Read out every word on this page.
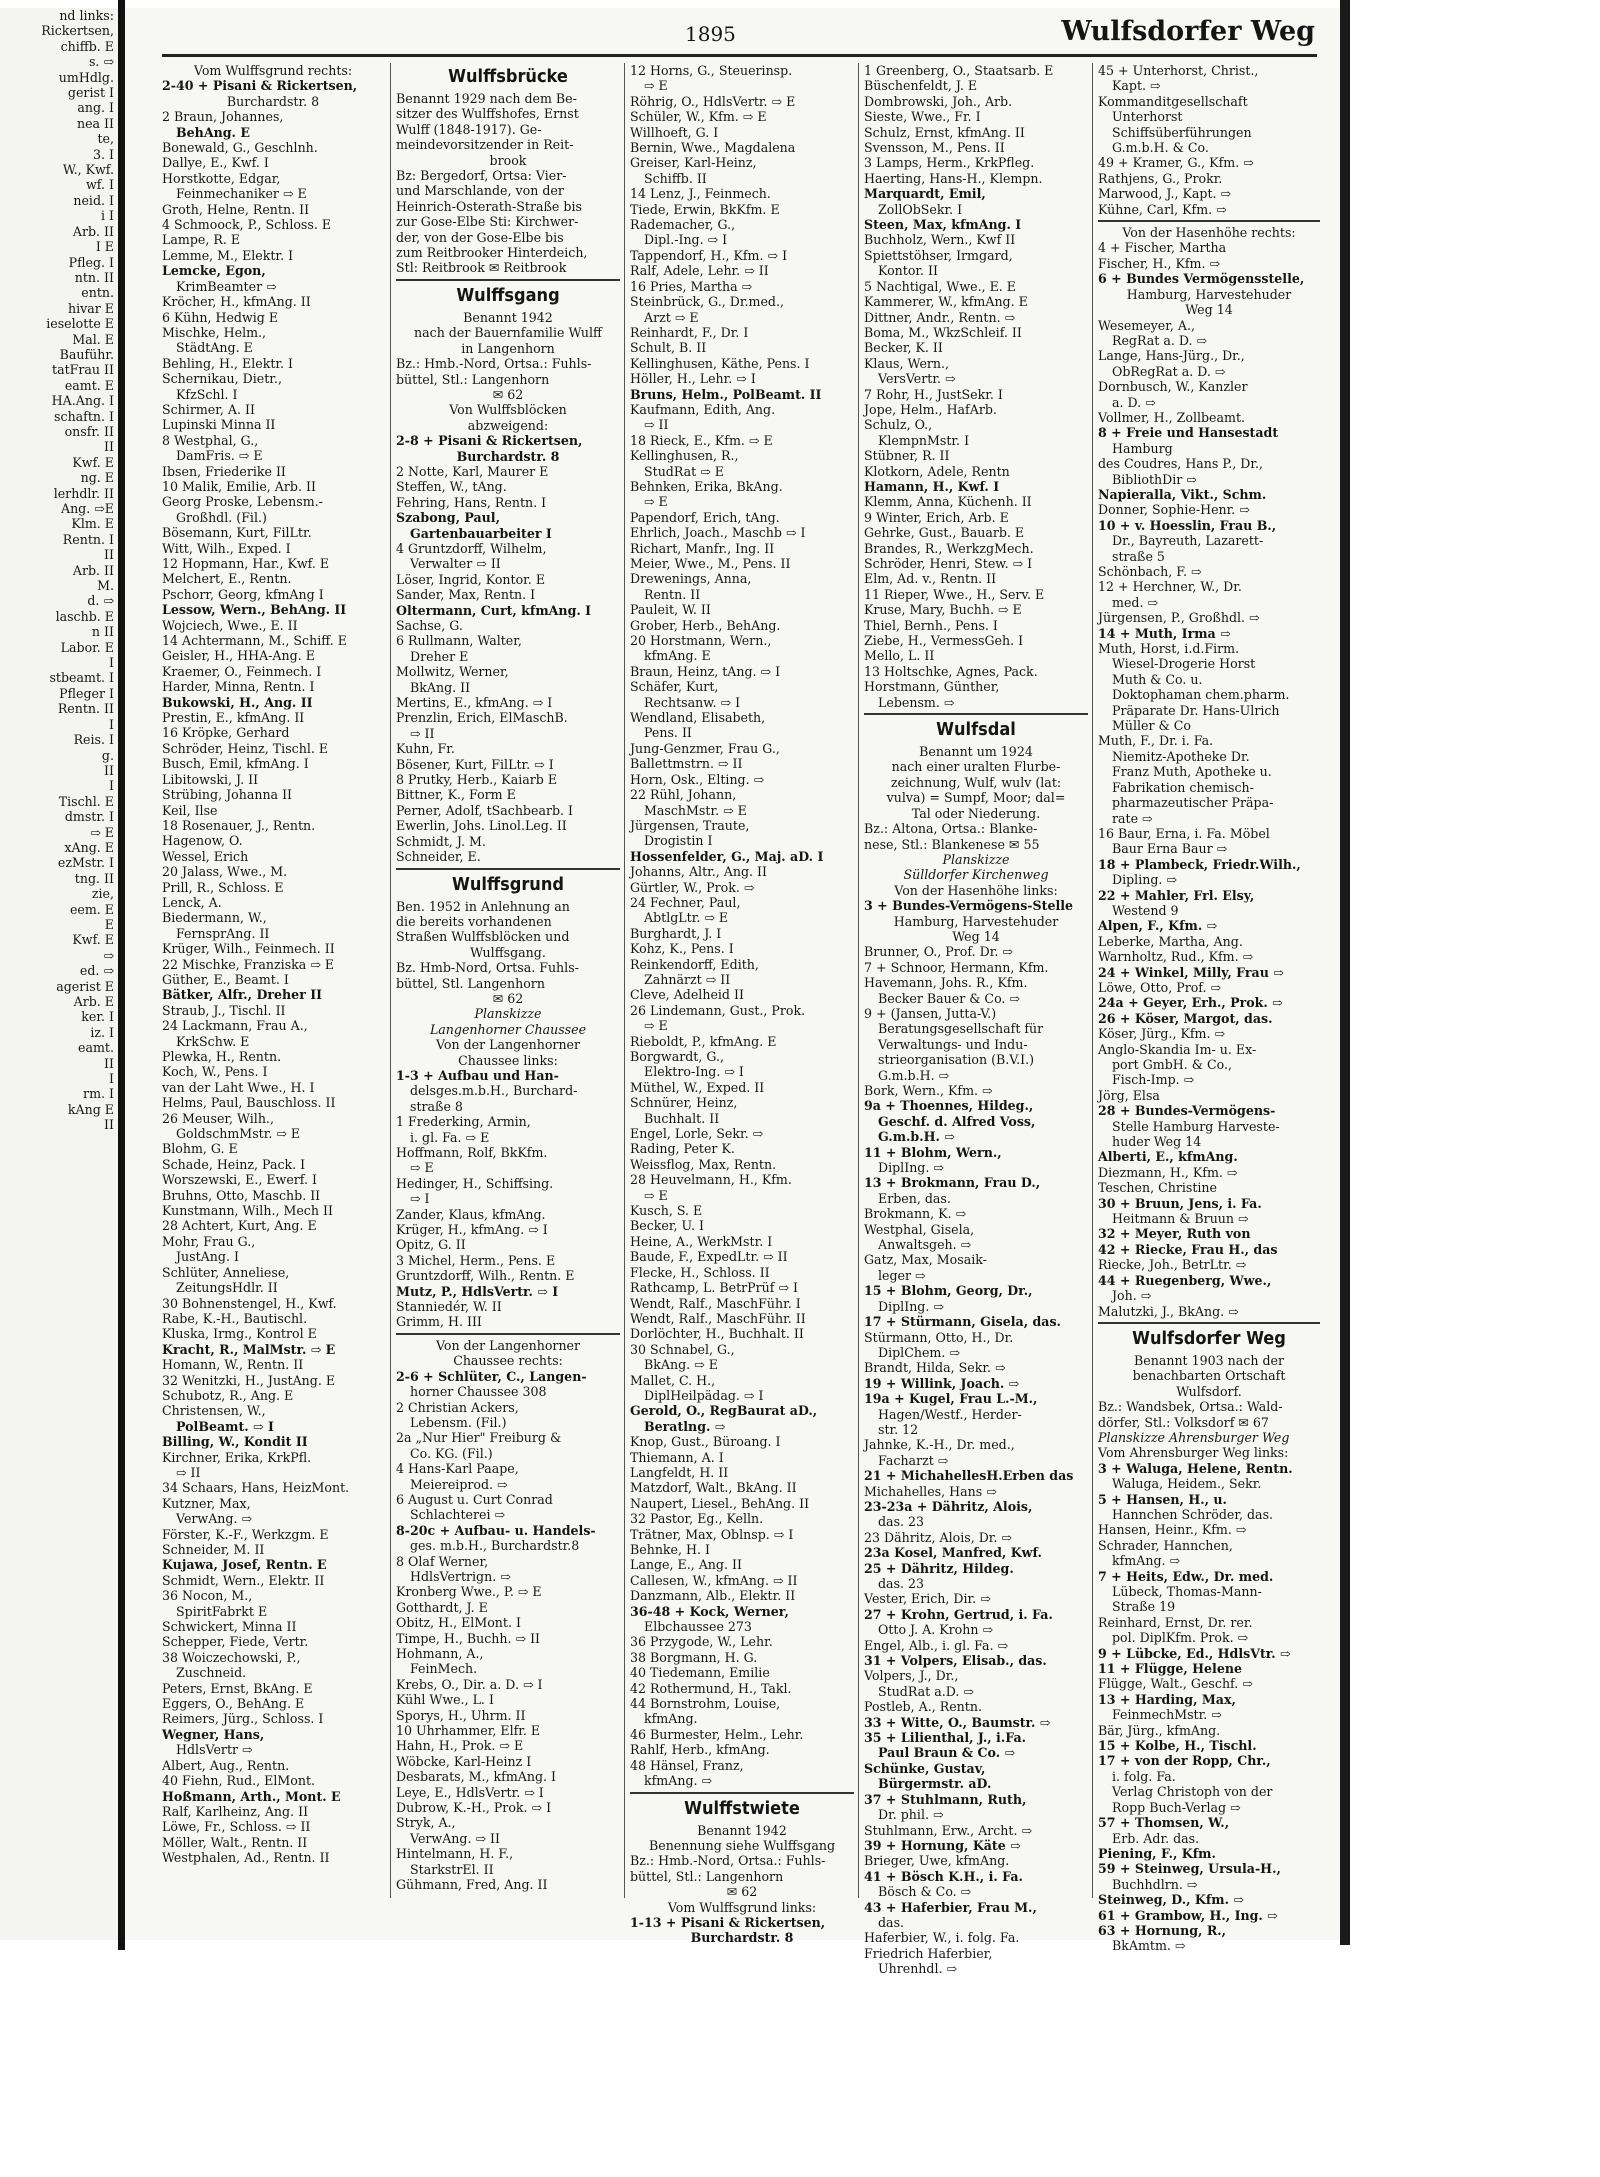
nd links:
Rickertsen,
chiffb. E
s. ⇨
umHdlg.
gerist I
ang. I
nea II
te,
3. I
W., Kwf.
wf. I
neid. I
i I
Arb. II
I E
Pfleg. I
ntn. II
entn.
hivar E
ieselotte E
Mal. E
Bauführ.
tatFrau II
eamt. E
HA.Ang. I
schaftn. I
onsfr. II
II
Kwf. E
ng. E
lerhdlr. II
Ang. ⇨E
Klm. E
Rentn. I
II
Arb. II
M.
d. ⇨
laschb. E
n II
Labor. E
I
stbeamt. I
Pfleger I
Rentn. II
I
Reis. I
g.
II
I
Tischl. E
dmstr. I
⇨ E
xAng. E
ezMstr. I
tng. II
zie,
eem. E
E
Kwf. E
⇨
ed. ⇨
agerist E
Arb. E
ker. I
iz. I
eamt.
II
I
rm. I
kAng E
II
1895	Wulfsdorfer Weg
Vom Wulffsgrund rechts:
2-40 + Pisani & Rickertsen,
Burchardstr. 8
2 Braun, Johannes,
BehAng. E
Bonewald, G., Geschlnh.
Dallye, E., Kwf. I
Horstkotte, Edgar,
Feinmechaniker ⇨ E
Groth, Helne, Rentn. II
4 Schmoock, P., Schloss. E
Lampe, R. E
Lemme, M., Elektr. I
Lemcke, Egon,
KrimBeamter ⇨
Kröcher, H., kfmAng. II
6 Kühn, Hedwig E
Mischke, Helm.,
StädtAng. E
Behling, H., Elektr. I
Schernikau, Dietr.,
KfzSchl. I
Schirmer, A. II
Lupinski Minna II
8 Westphal, G.,
DamFris. ⇨ E
Ibsen, Friederike II
10 Malik, Emilie, Arb. II
Georg Proske, Lebensm.-
Großhdl. (Fil.)
Bösemann, Kurt, FilLtr.
Witt, Wilh., Exped. I
12 Hopmann, Har., Kwf. E
Melchert, E., Rentn.
Pschorr, Georg, kfmAng I
Lessow, Wern., BehAng. II
Wojciech, Wwe., E. II
14 Achtermann, M., Schiff. E
Geisler, H., HHA-Ang. E
Kraemer, O., Feinmech. I
Harder, Minna, Rentn. I
Bukowski, H., Ang. II
Prestin, E., kfmAng. II
16 Kröpke, Gerhard
Schröder, Heinz, Tischl. E
Busch, Emil, kfmAng. I
Libitowski, J. II
Strübing, Johanna II
Keil, Ilse
18 Rosenauer, J., Rentn.
Hagenow, O.
Wessel, Erich
20 Jalass, Wwe., M.
Prill, R., Schloss. E
Lenck, A.
Biedermann, W.,
FernsprAng. II
Krüger, Wilh., Feinmech. II
22 Mischke, Franziska ⇨ E
Güther, E., Beamt. I
Bätker, Alfr., Dreher II
Straub, J., Tischl. II
24 Lackmann, Frau A.,
KrkSchw. E
Plewka, H., Rentn.
Koch, W., Pens. I
van der Laht Wwe., H. I
Helms, Paul, Bauschloss. II
26 Meuser, Wilh.,
GoldschmMstr. ⇨ E
Blohm, G. E
Schade, Heinz, Pack. I
Worszewski, E., Ewerf. I
Bruhns, Otto, Maschb. II
Kunstmann, Wilh., Mech II
28 Achtert, Kurt, Ang. E
Mohr, Frau G.,
JustAng. I
Schlüter, Anneliese,
ZeitungsHdlr. II
30 Bohnenstengel, H., Kwf.
Rabe, K.-H., Bautischl.
Kluska, Irmg., Kontrol E
Kracht, R., MalMstr. ⇨ E
Homann, W., Rentn. II
32 Wenitzki, H., JustAng. E
Schubotz, R., Ang. E
Christensen, W.,
PolBeamt. ⇨ I
Billing, W., Kondit II
Kirchner, Erika, KrkPfl.
⇨ II
34 Schaars, Hans, HeizMont.
Kutzner, Max,
VerwAng. ⇨
Förster, K.-F., Werkzgm. E
Schneider, M. II
Kujawa, Josef, Rentn. E
Schmidt, Wern., Elektr. II
36 Nocon, M.,
SpiritFabrkt E
Schwickert, Minna II
Schepper, Fiede, Vertr.
38 Woiczechowski, P.,
Zuschneid.
Peters, Ernst, BkAng. E
Eggers, O., BehAng. E
Reimers, Jürg., Schloss. I
Wegner, Hans,
HdlsVertr ⇨
Albert, Aug., Rentn.
40 Fiehn, Rud., ElMont.
Hoßmann, Arth., Mont. E
Ralf, Karlheinz, Ang. II
Löwe, Fr., Schloss. ⇨ II
Möller, Walt., Rentn. II
Westphalen, Ad., Rentn. II
Wulffsbrücke
Benannt 1929 nach dem Be-
sitzer des Wulffshofes, Ernst
Wulff (1848-1917). Ge-
meindevorsitzender in Reit-
brook
Bz: Bergedorf, Ortsa: Vier-
und Marschlande, von der
Heinrich-Osterath-Straße bis
zur Gose-Elbe Sti: Kirchwer-
der, von der Gose-Elbe bis
zum Reitbrooker Hinterdeich,
Stl: Reitbrook ✉ Reitbrook
Wulffsgang
Benannt 1942
nach der Bauernfamilie Wulff
in Langenhorn
Bz.: Hmb.-Nord, Ortsa.: Fuhls-
büttel, Stl.: Langenhorn
✉ 62
Von Wulffsblöcken
abzweigend:
2-8 + Pisani & Rickertsen,
Burchardstr. 8
2 Notte, Karl, Maurer E
Steffen, W., tAng.
Fehring, Hans, Rentn. I
Szabong, Paul,
Gartenbauarbeiter I
4 Gruntzdorff, Wilhelm,
Verwalter ⇨ II
Löser, Ingrid, Kontor. E
Sander, Max, Rentn. I
Oltermann, Curt, kfmAng. I
Sachse, G.
6 Rullmann, Walter,
Dreher E
Mollwitz, Werner,
BkAng. II
Mertins, E., kfmAng. ⇨ I
Prenzlin, Erich, ElMaschB.
⇨ II
Kuhn, Fr.
Bösener, Kurt, FilLtr. ⇨ I
8 Prutky, Herb., Kaiarb E
Bittner, K., Form E
Perner, Adolf, tSachbearb. I
Ewerlin, Johs. Linol.Leg. II
Schmidt, J. M.
Schneider, E.
Wulffsgrund
Ben. 1952 in Anlehnung an
die bereits vorhandenen
Straßen Wulffsblöcken und
Wulffsgang.
Bz. Hmb-Nord, Ortsa. Fuhls-
büttel, Stl. Langenhorn
✉ 62
Planskizze
Langenhorner Chaussee
Von der Langenhorner
Chaussee links:
1-3 + Aufbau und Han-
delsges.m.b.H., Burchard-
straße 8
1 Frederking, Armin,
i. gl. Fa. ⇨ E
Hoffmann, Rolf, BkKfm.
⇨ E
Hedinger, H., Schiffsing.
⇨ I
Zander, Klaus, kfmAng.
Krüger, H., kfmAng. ⇨ I
Opitz, G. II
3 Michel, Herm., Pens. E
Gruntzdorff, Wilh., Rentn. E
Mutz, P., HdlsVertr. ⇨ I
Stanniedér, W. II
Grimm, H. III
Von der Langenhorner
Chaussee rechts:
2-6 + Schlüter, C., Langen-
horner Chaussee 308
2 Christian Ackers,
Lebensm. (Fil.)
2a „Nur Hier" Freiburg &
Co. KG. (Fil.)
4 Hans-Karl Paape,
Meiereiprod. ⇨
6 August u. Curt Conrad
Schlachterei ⇨
8-20c + Aufbau- u. Handels-
ges. m.b.H., Burchardstr.8
8 Olaf Werner,
HdlsVertrign. ⇨
Kronberg Wwe., P. ⇨ E
Gotthardt, J. E
Obitz, H., ElMont. I
Timpe, H., Buchh. ⇨ II
Hohmann, A.,
FeinMech.
Krebs, O., Dir. a. D. ⇨ I
Kühl Wwe., L. I
Sporys, H., Uhrm. II
10 Uhrhammer, Elfr. E
Hahn, H., Prok. ⇨ E
Wöbcke, Karl-Heinz I
Desbarats, M., kfmAng. I
Leye, E., HdlsVertr. ⇨ I
Dubrow, K.-H., Prok. ⇨ I
Stryk, A.,
VerwAng. ⇨ II
Hintelmann, H. F.,
StarkstrEl. II
Gühmann, Fred, Ang. II
12 Horns, G., Steuerinsp.
⇨ E
Röhrig, O., HdlsVertr. ⇨ E
Schüler, W., Kfm. ⇨ E
Willhoeft, G. I
Bernin, Wwe., Magdalena
Greiser, Karl-Heinz,
Schiffb. II
14 Lenz, J., Feinmech.
Tiede, Erwin, BkKfm. E
Rademacher, G.,
Dipl.-Ing. ⇨ I
Tappendorf, H., Kfm. ⇨ I
Ralf, Adele, Lehr. ⇨ II
16 Pries, Martha ⇨
Steinbrück, G., Dr.med.,
Arzt ⇨ E
Reinhardt, F., Dr. I
Schult, B. II
Kellinghusen, Käthe, Pens. I
Höller, H., Lehr. ⇨ I
Bruns, Helm., PolBeamt. II
Kaufmann, Edith, Ang.
⇨ II
18 Rieck, E., Kfm. ⇨ E
Kellinghusen, R.,
StudRat ⇨ E
Behnken, Erika, BkAng.
⇨ E
Papendorf, Erich, tAng.
Ehrlich, Joach., Maschb ⇨ I
Richart, Manfr., Ing. II
Meier, Wwe., M., Pens. II
Drewenings, Anna,
Rentn. II
Pauleit, W. II
Grober, Herb., BehAng.
20 Horstmann, Wern.,
kfmAng. E
Braun, Heinz, tAng. ⇨ I
Schäfer, Kurt,
Rechtsanw. ⇨ I
Wendland, Elisabeth,
Pens. II
Jung-Genzmer, Frau G.,
Ballettmstrn. ⇨ II
Horn, Osk., Elting. ⇨
22 Rühl, Johann,
MaschMstr. ⇨ E
Jürgensen, Traute,
Drogistin I
Hossenfelder, G., Maj. aD. I
Johanns, Altr., Ang. II
Gürtler, W., Prok. ⇨
24 Fechner, Paul,
AbtlgLtr. ⇨ E
Burghardt, J. I
Kohz, K., Pens. I
Reinkendorff, Edith,
Zahnärzt ⇨ II
Cleve, Adelheid II
26 Lindemann, Gust., Prok.
⇨ E
Rieboldt, P., kfmAng. E
Borgwardt, G.,
Elektro-Ing. ⇨ I
Müthel, W., Exped. II
Schnürer, Heinz,
Buchhalt. II
Engel, Lorle, Sekr. ⇨
Rading, Peter K.
Weissflog, Max, Rentn.
28 Heuvelmann, H., Kfm.
⇨ E
Kusch, S. E
Becker, U. I
Heine, A., WerkMstr. I
Baude, F., ExpedLtr. ⇨ II
Flecke, H., Schloss. II
Rathcamp, L. BetrPrüf ⇨ I
Wendt, Ralf., MaschFühr. I
Wendt, Ralf., MaschFühr. II
Dorlöchter, H., Buchhalt. II
30 Schnabel, G.,
BkAng. ⇨ E
Mallet, C. H.,
DiplHeilpädag. ⇨ I
Gerold, O., RegBaurat aD.,
Beratlng. ⇨
Knop, Gust., Büroang. I
Thiemann, A. I
Langfeldt, H. II
Matzdorf, Walt., BkAng. II
Naupert, Liesel., BehAng. II
32 Pastor, Eg., Kelln.
Trätner, Max, Oblnsp. ⇨ I
Behnke, H. I
Lange, E., Ang. II
Callesen, W., kfmAng. ⇨ II
Danzmann, Alb., Elektr. II
36-48 + Kock, Werner,
Elbchaussee 273
36 Przygode, W., Lehr.
38 Borgmann, H. G.
40 Tiedemann, Emilie
42 Rothermund, H., Takl.
44 Bornstrohm, Louise,
kfmAng.
46 Burmester, Helm., Lehr.
Rahlf, Herb., kfmAng.
48 Hänsel, Franz,
kfmAng. ⇨
Wulffstwiete
Benannt 1942
Benennung siehe Wulffsgang
Bz.: Hmb.-Nord, Ortsa.: Fuhls-
büttel, Stl.: Langenhorn
✉ 62
Vom Wulffsgrund links:
1-13 + Pisani & Rickertsen,
Burchardstr. 8
1 Greenberg, O., Staatsarb. E
Büschenfeldt, J. E
Dombrowski, Joh., Arb.
Sieste, Wwe., Fr. I
Schulz, Ernst, kfmAng. II
Svensson, M., Pens. II
3 Lamps, Herm., KrkPfleg.
Haerting, Hans-H., Klempn.
Marquardt, Emil,
ZollObSekr. I
Steen, Max, kfmAng. I
Buchholz, Wern., Kwf II
Spiettstöhser, Irmgard,
Kontor. II
5 Nachtigal, Wwe., E. E
Kammerer, W., kfmAng. E
Dittner, Andr., Rentn. ⇨
Boma, M., WkzSchleif. II
Becker, K. II
Klaus, Wern.,
VersVertr. ⇨
7 Rohr, H., JustSekr. I
Jope, Helm., HafArb.
Schulz, O.,
KlempnMstr. I
Stübner, R. II
Klotkorn, Adele, Rentn
Hamann, H., Kwf. I
Klemm, Anna, Küchenh. II
9 Winter, Erich, Arb. E
Gehrke, Gust., Bauarb. E
Brandes, R., WerkzgMech.
Schröder, Henri, Stew. ⇨ I
Elm, Ad. v., Rentn. II
11 Rieper, Wwe., H., Serv. E
Kruse, Mary, Buchh. ⇨ E
Thiel, Bernh., Pens. I
Ziebe, H., VermessGeh. I
Mello, L. II
13 Holtschke, Agnes, Pack.
Horstmann, Günther,
Lebensm. ⇨
Wulfsdal
Benannt um 1924
nach einer uralten Flurbe-
zeichnung, Wulf, wulv (lat:
vulva) = Sumpf, Moor; dal=
Tal oder Niederung.
Bz.: Altona, Ortsa.: Blanke-
nese, Stl.: Blankenese ✉ 55
Planskizze
Sülldorfer Kirchenweg
Von der Hasenhöhe links:
3 + Bundes-Vermögens-Stelle
Hamburg, Harvestehuder
Weg 14
Brunner, O., Prof. Dr. ⇨
7 + Schnoor, Hermann, Kfm.
Havemann, Johs. R., Kfm.
Becker Bauer & Co. ⇨
9 + (Jansen, Jutta-V.)
Beratungsgesellschaft für
Verwaltungs- und Indu-
strieorganisation (B.V.I.)
G.m.b.H. ⇨
Bork, Wern., Kfm. ⇨
9a + Thoennes, Hildeg.,
Geschf. d. Alfred Voss,
G.m.b.H. ⇨
11 + Blohm, Wern.,
DiplIng. ⇨
13 + Brokmann, Frau D.,
Erben, das.
Brokmann, K. ⇨
Westphal, Gisela,
Anwaltsgeh. ⇨
Gatz, Max, Mosaik-
leger ⇨
15 + Blohm, Georg, Dr.,
DiplIng. ⇨
17 + Stürmann, Gisela, das.
Stürmann, Otto, H., Dr.
DiplChem. ⇨
Brandt, Hilda, Sekr. ⇨
19 + Willink, Joach. ⇨
19a + Kugel, Frau L.-M.,
Hagen/Westf., Herder-
str. 12
Jahnke, K.-H., Dr. med.,
Facharzt ⇨
21 + MichahellesH.Erben das
Michahelles, Hans ⇨
23-23a + Dähritz, Alois,
das. 23
23 Dähritz, Alois, Dr. ⇨
23a Kosel, Manfred, Kwf.
25 + Dähritz, Hildeg.
das. 23
Vester, Erich, Dir. ⇨
27 + Krohn, Gertrud, i. Fa.
Otto J. A. Krohn ⇨
Engel, Alb., i. gl. Fa. ⇨
31 + Volpers, Elisab., das.
Volpers, J., Dr.,
StudRat a.D. ⇨
Postleb, A., Rentn.
33 + Witte, O., Baumstr. ⇨
35 + Lilienthal, J., i.Fa.
Paul Braun & Co. ⇨
Schünke, Gustav,
Bürgermstr. aD.
37 + Stuhlmann, Ruth,
Dr. phil. ⇨
Stuhlmann, Erw., Archt. ⇨
39 + Hornung, Käte ⇨
Brieger, Uwe, kfmAng.
41 + Bösch K.H., i. Fa.
Bösch & Co. ⇨
43 + Haferbier, Frau M.,
das.
Haferbier, W., i. folg. Fa.
Friedrich Haferbier,
Uhrenhdl. ⇨
45 + Unterhorst, Christ.,
Kapt. ⇨
Kommanditgesellschaft
Unterhorst
Schiffsüberführungen
G.m.b.H. & Co.
49 + Kramer, G., Kfm. ⇨
Rathjens, G., Prokr.
Marwood, J., Kapt. ⇨
Kühne, Carl, Kfm. ⇨
Von der Hasenhöhe rechts:
4 + Fischer, Martha
Fischer, H., Kfm. ⇨
6 + Bundes Vermögensstelle,
Hamburg, Harvestehuder
Weg 14
Wesemeyer, A.,
RegRat a. D. ⇨
Lange, Hans-Jürg., Dr.,
ObRegRat a. D. ⇨
Dornbusch, W., Kanzler
a. D. ⇨
Vollmer, H., Zollbeamt.
8 + Freie und Hansestadt
Hamburg
des Coudres, Hans P., Dr.,
BibliothDir ⇨
Napieralla, Vikt., Schm.
Donner, Sophie-Henr. ⇨
10 + v. Hoesslin, Frau B.,
Dr., Bayreuth, Lazarett-
straße 5
Schönbach, F. ⇨
12 + Herchner, W., Dr.
med. ⇨
Jürgensen, P., Großhdl. ⇨
14 + Muth, Irma ⇨
Muth, Horst, i.d.Firm.
Wiesel-Drogerie Horst
Muth & Co. u.
Doktophaman chem.pharm.
Präparate Dr. Hans-Ulrich
Müller & Co
Muth, F., Dr. i. Fa.
Niemitz-Apotheke Dr.
Franz Muth, Apotheke u.
Fabrikation chemisch-
pharmazeutischer Präpa-
rate ⇨
16 Baur, Erna, i. Fa. Möbel
Baur Erna Baur ⇨
18 + Plambeck, Friedr.Wilh.,
Dipling. ⇨
22 + Mahler, Frl. Elsy,
Westend 9
Alpen, F., Kfm. ⇨
Leberke, Martha, Ang.
Warnholtz, Rud., Kfm. ⇨
24 + Winkel, Milly, Frau ⇨
Löwe, Otto, Prof. ⇨
24a + Geyer, Erh., Prok. ⇨
26 + Köser, Margot, das.
Köser, Jürg., Kfm. ⇨
Anglo-Skandia Im- u. Ex-
port GmbH. & Co.,
Fisch-Imp. ⇨
Jörg, Elsa
28 + Bundes-Vermögens-
Stelle Hamburg Harveste-
huder Weg 14
Alberti, E., kfmAng.
Diezmann, H., Kfm. ⇨
Teschen, Christine
30 + Bruun, Jens, i. Fa.
Heitmann & Bruun ⇨
32 + Meyer, Ruth von
42 + Riecke, Frau H., das
Riecke, Joh., BetrLtr. ⇨
44 + Ruegenberg, Wwe.,
Joh. ⇨
Malutzki, J., BkAng. ⇨
Wulfsdorfer Weg
Benannt 1903 nach der
benachbarten Ortschaft
Wulfsdorf.
Bz.: Wandsbek, Ortsa.: Wald-
dörfer, Stl.: Volksdorf ✉ 67
Planskizze Ahrensburger Weg
Vom Ahrensburger Weg links:
3 + Waluga, Helene, Rentn.
Waluga, Heidem., Sekr.
5 + Hansen, H., u.
Hannchen Schröder, das.
Hansen, Heinr., Kfm. ⇨
Schrader, Hannchen,
kfmAng. ⇨
7 + Heits, Edw., Dr. med.
Lübeck, Thomas-Mann-
Straße 19
Reinhard, Ernst, Dr. rer.
pol. DiplKfm. Prok. ⇨
9 + Lübcke, Ed., HdlsVtr. ⇨
11 + Flügge, Helene
Flügge, Walt., Geschf. ⇨
13 + Harding, Max,
FeinmechMstr. ⇨
Bär, Jürg., kfmAng.
15 + Kolbe, H., Tischl.
17 + von der Ropp, Chr.,
i. folg. Fa.
Verlag Christoph von der
Ropp Buch-Verlag ⇨
57 + Thomsen, W.,
Erb. Adr. das.
Piening, F., Kfm.
59 + Steinweg, Ursula-H.,
Buchhdlrn. ⇨
Steinweg, D., Kfm. ⇨
61 + Grambow, H., Ing. ⇨
63 + Hornung, R.,
BkAmtm. ⇨
